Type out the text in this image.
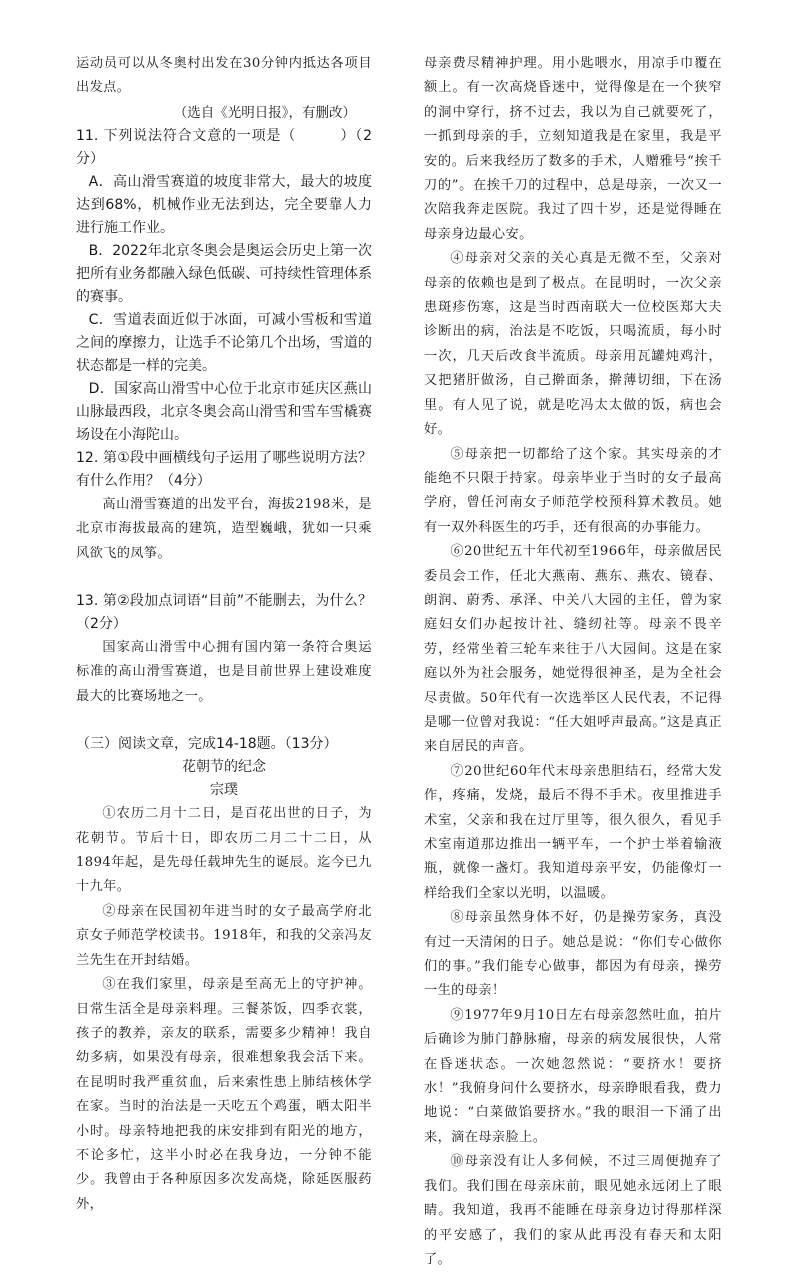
运动员可以从冬奥村出发在30分钟内抵达各项目出发点。

（选自《光明日报》，有删改）

11. 下列说法符合文意的一项是（　　　）（2分）

A．高山滑雪赛道的坡度非常大，最大的坡度达到68%，机械作业无法到达，完全要靠人力进行施工作业。

B．2022年北京冬奥会是奥运会历史上第一次把所有业务都融入绿色低碳、可持续性管理体系的赛事。

C．雪道表面近似于冰面，可减小雪板和雪道之间的摩擦力，让选手不论第几个出场，雪道的状态都是一样的完美。

D．国家高山滑雪中心位于北京市延庆区燕山山脉最西段，北京冬奥会高山滑雪和雪车雪橇赛场设在小海陀山。

12. 第①段中画横线句子运用了哪些说明方法？有什么作用？（4分）

高山滑雪赛道的出发平台，海拔2198米，是北京市海拔最高的建筑，造型巍峨，犹如一只乘风欲飞的凤筝。

13. 第②段加点词语“目前”不能删去，为什么？（2分）

国家高山滑雪中心拥有国内第一条符合奥运标准的高山滑雪赛道，也是目前世界上建设难度最大的比赛场地之一。

（三）阅读文章，完成14-18题。（13分）

花朝节的纪念

宗璞

①农历二月十二日，是百花出世的日子，为花朝节。节后十日，即农历二月二十二日，从1894年起，是先母任载坤先生的诞辰。迄今已九十九年。

②母亲在民国初年进当时的女子最高学府北京女子师范学校读书。1918年，和我的父亲冯友兰先生在开封结婚。

③在我们家里，母亲是至高无上的守护神。日常生活全是母亲料理。三餐茶饭，四季衣裳，孩子的教养，亲友的联系，需要多少精神！我自幼多病，如果没有母亲，很难想象我会活下来。在昆明时我严重贫血，后来索性患上肺结核休学在家。当时的治法是一天吃五个鸡蛋，晒太阳半小时。母亲特地把我的床安排到有阳光的地方，不论多忙，这半小时必在我身边，一分钟不能少。我曾由于各种原因多次发高烧，除延医服药外，

母亲费尽精神护理。用小匙喂水，用凉手巾覆在额上。有一次高烧昏迷中，觉得像是在一个狭窄的洞中穿行，挤不过去，我以为自己就要死了，一抓到母亲的手，立刻知道我是在家里，我是平安的。后来我经历了数多的手术，人赠雅号“挨千刀的”。在挨千刀的过程中，总是母亲，一次又一次陪我奔走医院。我过了四十岁，还是觉得睡在母亲身边最心安。

④母亲对父亲的关心真是无微不至，父亲对母亲的依赖也是到了极点。在昆明时，一次父亲患斑疹伤寒，这是当时西南联大一位校医郑大夫诊断出的病，治法是不吃饭，只喝流质，每小时一次，几天后改食半流质。母亲用瓦罐炖鸡汁，又把猪肝做汤，自己擀面条，擀薄切细，下在汤里。有人见了说，就是吃冯太太做的饭，病也会好。

⑤母亲把一切都给了这个家。其实母亲的才能绝不只限于持家。母亲毕业于当时的女子最高学府，曾任河南女子师范学校预科算术教员。她有一双外科医生的巧手，还有很高的办事能力。

⑥20世纪五十年代初至1966年，母亲做居民委员会工作，任北大燕南、燕东、燕农、镜春、朗润、蔚秀、承泽、中关八大园的主任，曾为家庭妇女们办起按计社、缝纫社等。母亲不畏辛劳，经常坐着三轮车来往于八大园间。这是在家庭以外为社会服务，她觉得很神圣，是为全社会尽责做。50年代有一次选举区人民代表，不记得是哪一位曾对我说：“任大姐呼声最高。”这是真正来自居民的声音。

⑦20世纪60年代末母亲患胆结石，经常大发作，疼痛，发烧，最后不得不手术。夜里推进手术室，父亲和我在过厅里等，很久很久，看见手术室南道那边推出一辆平车，一个护士举着输液瓶，就像一盏灯。我知道母亲平安，仍能像灯一样给我们全家以光明，以温暖。

⑧母亲虽然身体不好，仍是操劳家务，真没有过一天清闲的日子。她总是说：“你们专心做你们的事。”我们能专心做事，都因为有母亲，操劳一生的母亲！

⑨1977年9月10日左右母亲忽然吐血，拍片后确诊为肺门静脉瘤，母亲的病发展很快，人常在昏迷状态。一次她忽然说：“要挤水！要挤水！”我俯身问什么要挤水，母亲睁眼看我，费力地说：“白菜做馅要挤水。”我的眼泪一下涌了出来，滴在母亲脸上。

⑩母亲没有让人多伺候，不过三周便抛弃了我们。我们围在母亲床前，眼见她永远闭上了眼睛。我知道，我再不能睡在母亲身边讨得那样深的平安感了，我们的家从此再没有春天和太阳了。
